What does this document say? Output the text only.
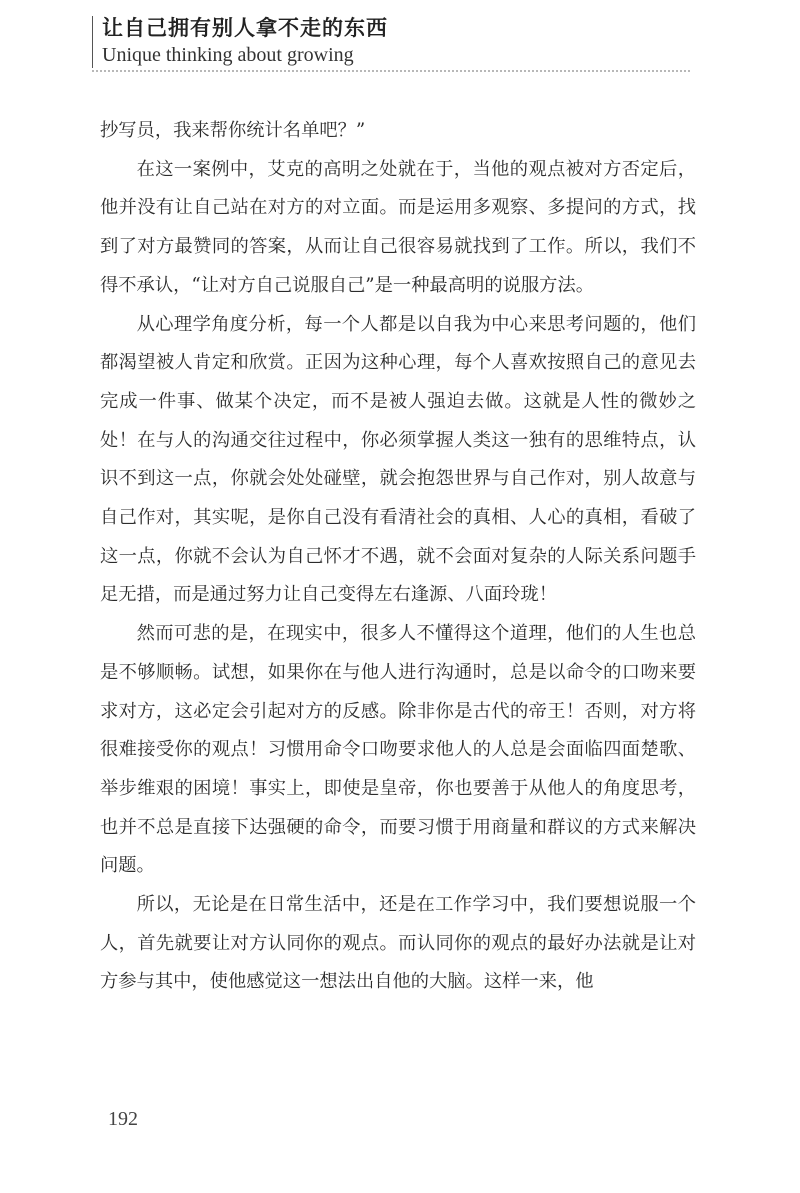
让自己拥有别人拿不走的东西
Unique thinking about growing

抄写员，我来帮你统计名单吧？”

在这一案例中，艾克的高明之处就在于，当他的观点被对方否定后，他并没有让自己站在对方的对立面。而是运用多观察、多提问的方式，找到了对方最赞同的答案，从而让自己很容易就找到了工作。所以，我们不得不承认，“让对方自己说服自己”是一种最高明的说服方法。

从心理学角度分析，每一个人都是以自我为中心来思考问题的，他们都渴望被人肯定和欣赏。正因为这种心理，每个人喜欢按照自己的意见去完成一件事、做某个决定，而不是被人强迫去做。这就是人性的微妙之处！在与人的沟通交往过程中，你必须掌握人类这一独有的思维特点，认识不到这一点，你就会处处碰壁，就会抱怨世界与自己作对，别人故意与自己作对，其实呢，是你自己没有看清社会的真相、人心的真相，看破了这一点，你就不会认为自己怀才不遇，就不会面对复杂的人际关系问题手足无措，而是通过努力让自己变得左右逢源、八面玲珑！

然而可悲的是，在现实中，很多人不懂得这个道理，他们的人生也总是不够顺畅。试想，如果你在与他人进行沟通时，总是以命令的口吻来要求对方，这必定会引起对方的反感。除非你是古代的帝王！否则，对方将很难接受你的观点！习惯用命令口吻要求他人的人总是会面临四面楚歌、举步维艰的困境！事实上，即使是皇帝，你也要善于从他人的角度思考，也并不总是直接下达强硬的命令，而要习惯于用商量和群议的方式来解决问题。

所以，无论是在日常生活中，还是在工作学习中，我们要想说服一个人，首先就要让对方认同你的观点。而认同你的观点的最好办法就是让对方参与其中，使他感觉这一想法出自他的大脑。这样一来，他

192
